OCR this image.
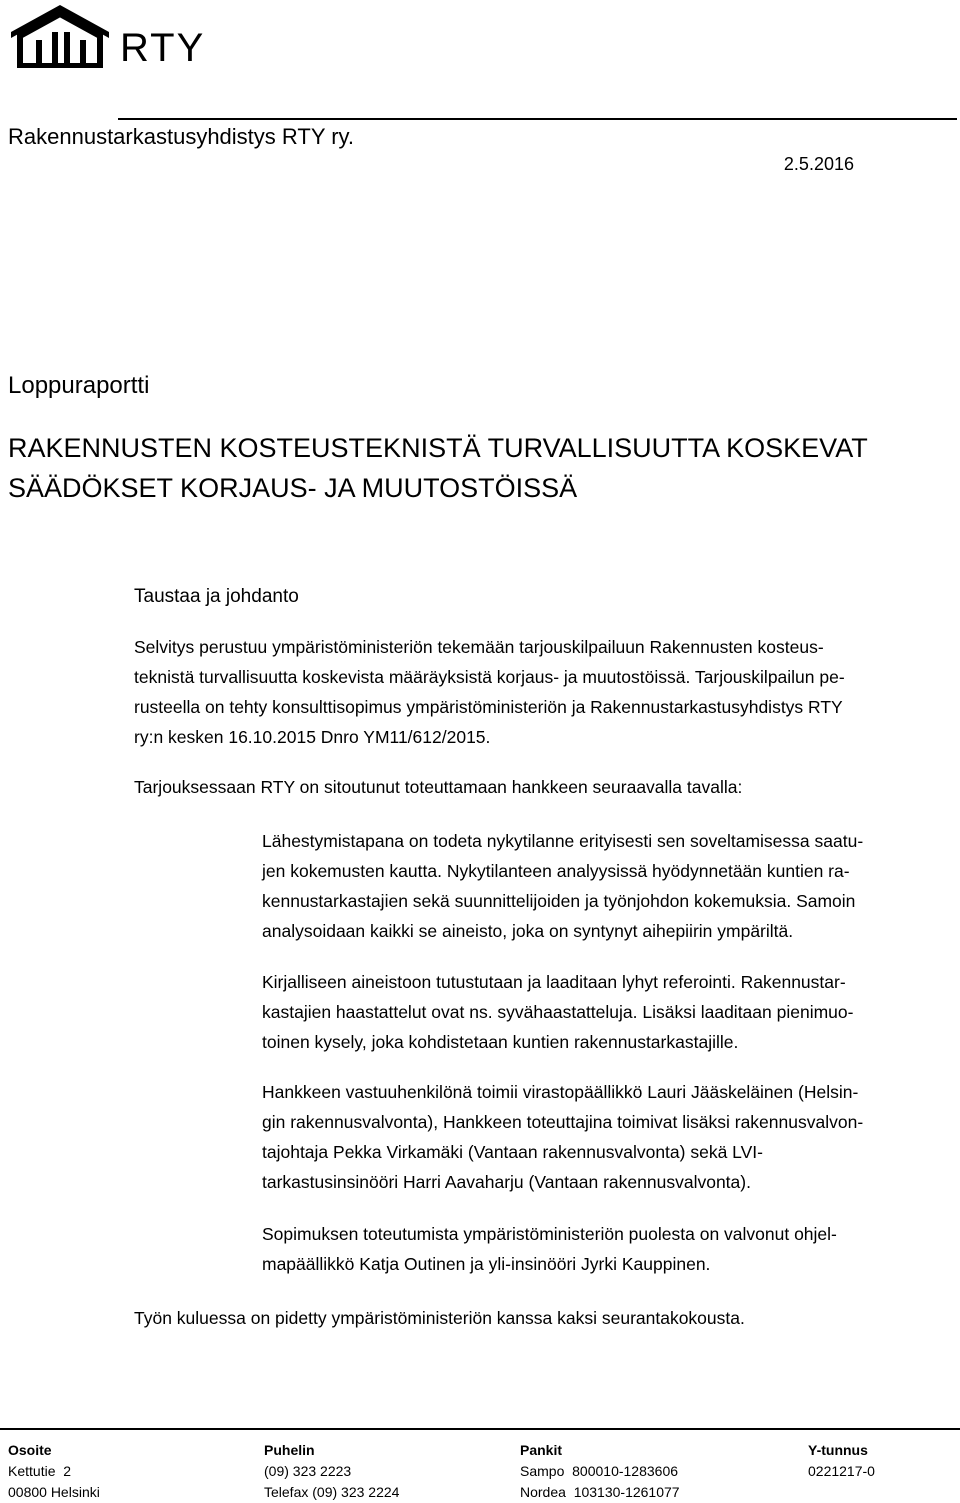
RTY
Rakennustarkastusyhdistys RTY ry.
2.5.2016
Loppuraportti
RAKENNUSTEN KOSTEUSTEKNISTÄ TURVALLISUUTTA KOSKEVAT
SÄÄDÖKSET KORJAUS- JA MUUTOSTÖISSÄ
Taustaa ja johdanto
Selvitys perustuu ympäristöministeriön tekemään tarjouskilpailuun Rakennusten kosteus-
teknistä turvallisuutta koskevista määräyksistä korjaus- ja muutostöissä. Tarjouskilpailun pe-
rusteella on tehty konsulttisopimus ympäristöministeriön ja Rakennustarkastusyhdistys RTY
ry:n kesken 16.10.2015 Dnro YM11/612/2015.
Tarjouksessaan RTY on sitoutunut toteuttamaan hankkeen seuraavalla tavalla:
Lähestymistapana on todeta nykytilanne erityisesti sen soveltamisessa saatu-
jen kokemusten kautta. Nykytilanteen analyysissä hyödynnetään kuntien ra-
kennustarkastajien sekä suunnittelijoiden ja työnjohdon kokemuksia. Samoin
analysoidaan kaikki se aineisto, joka on syntynyt aihepiirin ympäriltä.
Kirjalliseen aineistoon tutustutaan ja laaditaan lyhyt referointi. Rakennustar-
kastajien haastattelut ovat ns. syvähaastatteluja. Lisäksi laaditaan pienimuo-
toinen kysely, joka kohdistetaan kuntien rakennustarkastajille.
Hankkeen vastuuhenkilönä toimii virastopäällikkö Lauri Jääskeläinen (Helsin-
gin rakennusvalvonta), Hankkeen toteuttajina toimivat lisäksi rakennusvalvon-
tajohtaja Pekka Virkamäki (Vantaan rakennusvalvonta) sekä LVI-
tarkastusinsinööri Harri Aavaharju (Vantaan rakennusvalvonta).
Sopimuksen toteutumista ympäristöministeriön puolesta on valvonut ohjel-
mapäällikkö Katja Outinen ja yli-insinööri Jyrki Kauppinen.
Työn kuluessa on pidetty ympäristöministeriön kanssa kaksi seurantakokousta.
Osoite
Kettutie  2
00800 Helsinki
Puhelin
(09) 323 2223
Telefax (09) 323 2224
Pankit
Sampo  800010-1283606
Nordea  103130-1261077
Y-tunnus
0221217-0
